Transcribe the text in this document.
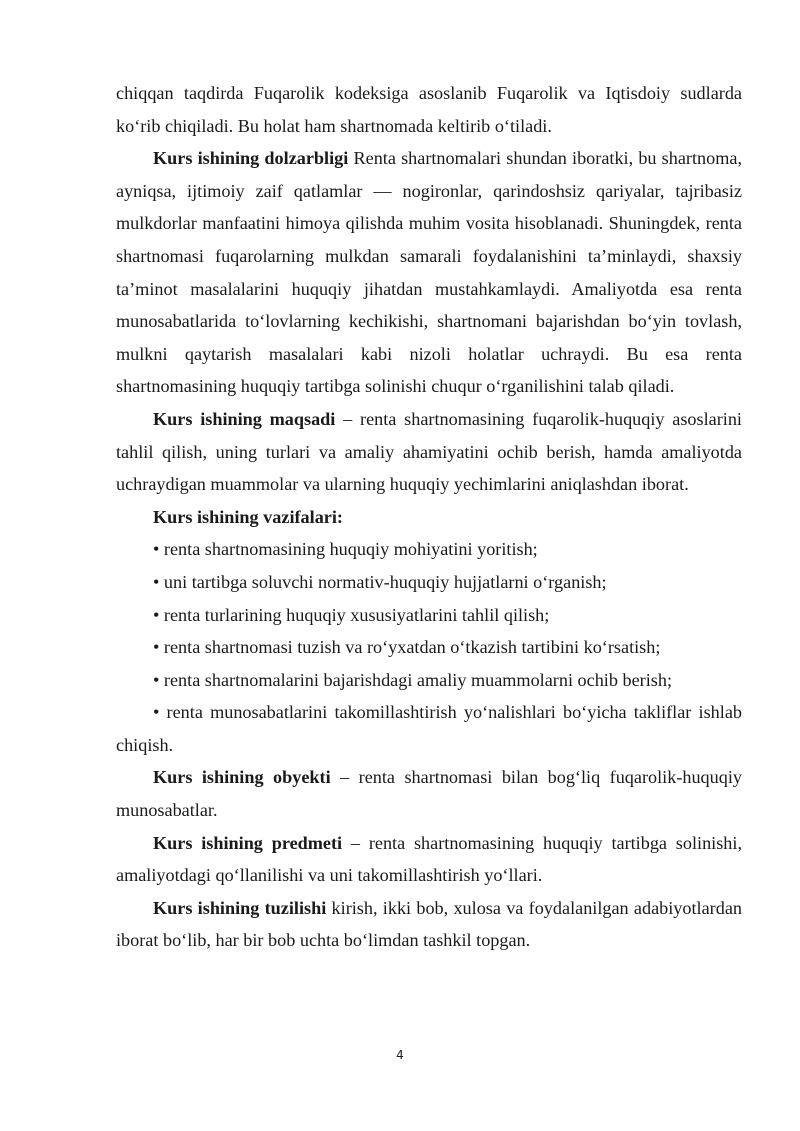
chiqqan taqdirda Fuqarolik kodeksiga asoslanib Fuqarolik va Iqtisdoiy sudlarda ko‘rib chiqiladi. Bu holat ham shartnomada keltirib o‘tiladi.

Kurs ishining dolzarbligi Renta shartnomalari shundan iboratki, bu shartnoma, ayniqsa, ijtimoiy zaif qatlamlar — nogironlar, qarindoshsiz qariyalar, tajribasiz mulkdorlar manfaatini himoya qilishda muhim vosita hisoblanadi. Shuningdek, renta shartnomasi fuqarolarning mulkdan samarali foydalanishini ta’minlaydi, shaxsiy ta’minot masalalarini huquqiy jihatdan mustahkamlaydi. Amaliyotda esa renta munosabatlarida to‘lovlarning kechikishi, shartnomani bajarishdan bo‘yin tovlash, mulkni qaytarish masalalari kabi nizoli holatlar uchraydi. Bu esa renta shartnomasining huquqiy tartibga solinishi chuqur o‘rganilishini talab qiladi.

Kurs ishining maqsadi – renta shartnomasining fuqarolik-huquqiy asoslarini tahlil qilish, uning turlari va amaliy ahamiyatini ochib berish, hamda amaliyotda uchraydigan muammolar va ularning huquqiy yechimlarini aniqlashdan iborat.

Kurs ishining vazifalari:

• renta shartnomasining huquqiy mohiyatini yoritish;

• uni tartibga soluvchi normativ-huquqiy hujjatlarni o‘rganish;

• renta turlarining huquqiy xususiyatlarini tahlil qilish;

• renta shartnomasi tuzish va ro‘yxatdan o‘tkazish tartibini ko‘rsatish;

• renta shartnomalarini bajarishdagi amaliy muammolarni ochib berish;

• renta munosabatlarini takomillashtirish yo‘nalishlari bo‘yicha takliflar ishlab chiqish.

Kurs ishining obyekti – renta shartnomasi bilan bog‘liq fuqarolik-huquqiy munosabatlar.

Kurs ishining predmeti – renta shartnomasining huquqiy tartibga solinishi, amaliyotdagi qo‘llanilishi va uni takomillashtirish yo‘llari.

Kurs ishining tuzilishi kirish, ikki bob, xulosa va foydalanilgan adabiyotlardan iborat bo‘lib, har bir bob uchta bo‘limdan tashkil topgan.

4
